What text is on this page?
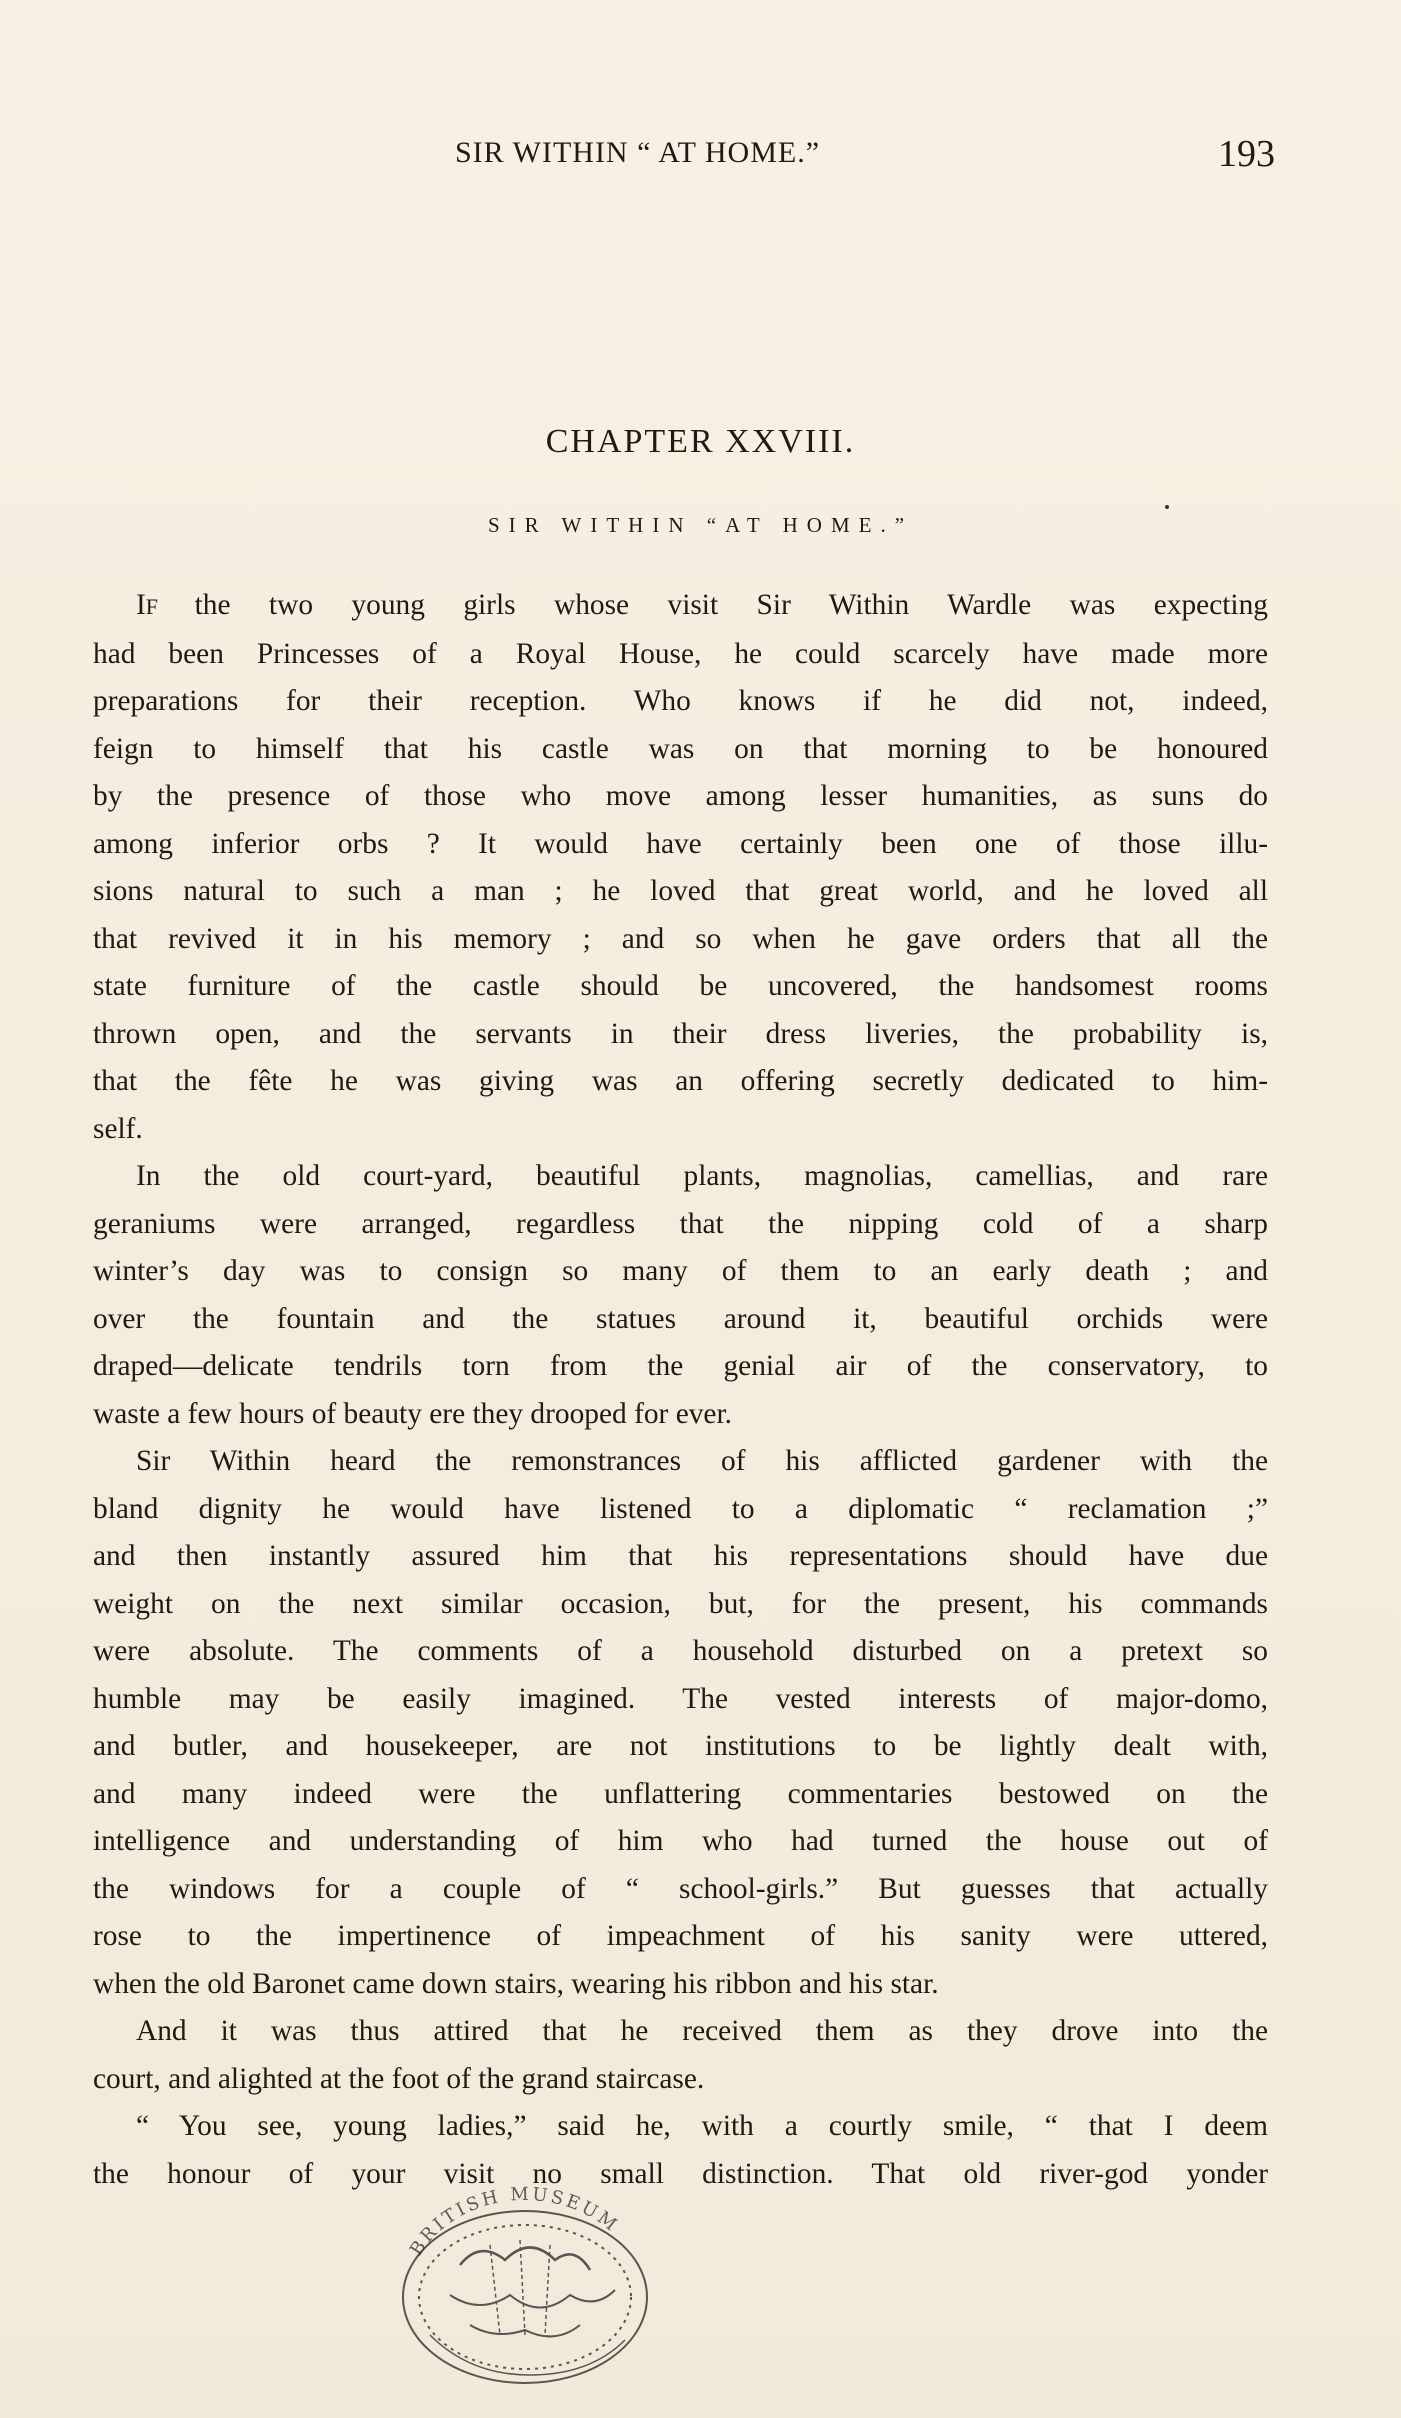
SIR WITHIN “ AT HOME.”	193
CHAPTER XXVIII.
SIR WITHIN “AT HOME.”
IF the two young girls whose visit Sir Within Wardle was expecting
had been Princesses of a Royal House, he could scarcely have made more
preparations for their reception. Who knows if he did not, indeed,
feign to himself that his castle was on that morning to be honoured
by the presence of those who move among lesser humanities, as suns do
among inferior orbs ? It would have certainly been one of those illu-
sions natural to such a man ; he loved that great world, and he loved all
that revived it in his memory ; and so when he gave orders that all the
state furniture of the castle should be uncovered, the handsomest rooms
thrown open, and the servants in their dress liveries, the probability is,
that the fête he was giving was an offering secretly dedicated to him-
self.
In the old court-yard, beautiful plants, magnolias, camellias, and rare
geraniums were arranged, regardless that the nipping cold of a sharp
winter’s day was to consign so many of them to an early death ; and
over the fountain and the statues around it, beautiful orchids were
draped—delicate tendrils torn from the genial air of the conservatory, to
waste a few hours of beauty ere they drooped for ever.
Sir Within heard the remonstrances of his afflicted gardener with the
bland dignity he would have listened to a diplomatic “ reclamation ;”
and then instantly assured him that his representations should have due
weight on the next similar occasion, but, for the present, his commands
were absolute. The comments of a household disturbed on a pretext so
humble may be easily imagined. The vested interests of major-domo,
and butler, and housekeeper, are not institutions to be lightly dealt with,
and many indeed were the unflattering commentaries bestowed on the
intelligence and understanding of him who had turned the house out of
the windows for a couple of “ school-girls.” But guesses that actually
rose to the impertinence of impeachment of his sanity were uttered,
when the old Baronet came down stairs, wearing his ribbon and his star.
And it was thus attired that he received them as they drove into the
court, and alighted at the foot of the grand staircase.
“ You see, young ladies,” said he, with a courtly smile, “ that I deem
the honour of your visit no small distinction. That old river-god yonder
BRITISH MUSEUM
